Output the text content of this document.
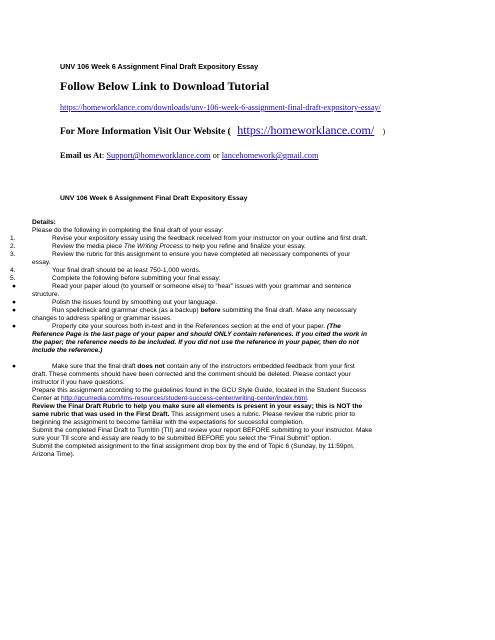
UNV 106 Week 6 Assignment Final Draft Expository Essay
Follow Below Link to Download Tutorial
https://homeworklance.com/downloads/unv-106-week-6-assignment-final-draft-expository-essay/
For More Information Visit Our Website ( https://homeworklance.com/ )
Email us At: Support@homeworklance.com or lancehomework@gmail.com
UNV 106 Week 6 Assignment Final Draft Expository Essay
Details:
Please do the following in completing the final draft of your essay:
1.	Revise your expository essay using the feedback received from your instructor on your outline and first draft.
2.	Review the media piece The Writing Process to help you refine and finalize your essay.
3.	Review the rubric for this assignment to ensure you have completed all necessary components of your
essay.
4.	Your final draft should be at least 750-1,000 words.
5.	Complete the following before submitting your final essay:
●	Read your paper aloud (to yourself or someone else) to “hear” issues with your grammar and sentence
structure.
●	Polish the issues found by smoothing out your language.
●	Run spellcheck and grammar check (as a backup) before submitting the final draft. Make any necessary
changes to address spelling or grammar issues.
●	Properly cite your sources both in-text and in the References section at the end of your paper. (The
Reference Page is the last page of your paper and should ONLY contain references. If you cited the work in
the paper; the reference needs to be included. If you did not use the reference in your paper, then do not
include the reference.)
●	Make sure that the final draft does not contain any of the instructors embedded feedback from your first
draft. These comments should have been corrected and the comment should be deleted. Please contact your
instructor if you have questions.
Prepare this assignment according to the guidelines found in the GCU Style Guide, located in the Student Success
Center at http://gcumedia.com/lms-resources/student-success-center/writing-center/index.html.
Review the Final Draft Rubric to help you make sure all elements is present in your essay; this is NOT the
same rubric that was used in the First Draft. This assignment uses a rubric. Please review the rubric prior to
beginning the assignment to become familiar with the expectations for successful completion.
Submit the completed Final Draft to TurnItIn (TII) and review your report BEFORE submitting to your instructor. Make
sure your TII score and essay are ready to be submitted BEFORE you select the “Final Submit” option.
Submit the completed assignment to the final assignment drop box by the end of Topic 6 (Sunday, by 11:59pm,
Arizona Time).
